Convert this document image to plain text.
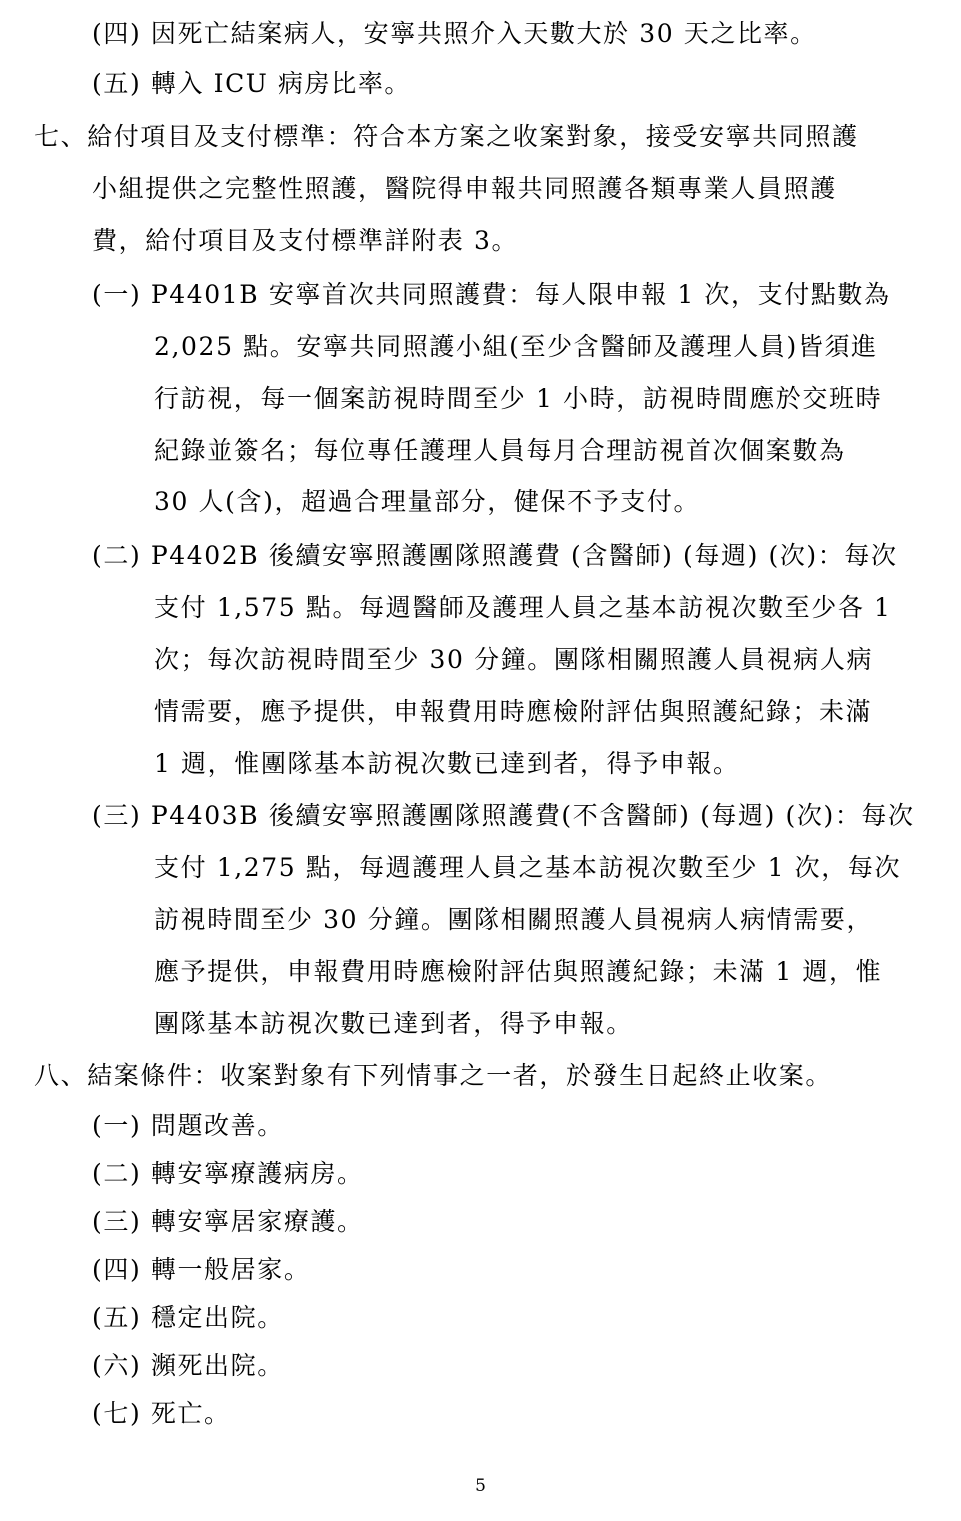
(四) 因死亡結案病人，安寧共照介入天數大於 30 天之比率。
(五) 轉入 ICU 病房比率。
七、給付項目及支付標準：符合本方案之收案對象，接受安寧共同照護
小組提供之完整性照護，醫院得申報共同照護各類專業人員照護
費，給付項目及支付標準詳附表 3。
(一) P4401B 安寧首次共同照護費：每人限申報 1 次，支付點數為
2,025 點。安寧共同照護小組(至少含醫師及護理人員)皆須進
行訪視，每一個案訪視時間至少 1 小時，訪視時間應於交班時
紀錄並簽名；每位專任護理人員每月合理訪視首次個案數為
30 人(含)，超過合理量部分，健保不予支付。
(二) P4402B 後續安寧照護團隊照護費 (含醫師) (每週) (次)：每次
支付 1,575 點。每週醫師及護理人員之基本訪視次數至少各 1
次；每次訪視時間至少 30 分鐘。團隊相關照護人員視病人病
情需要，應予提供，申報費用時應檢附評估與照護紀錄；未滿
1 週，惟團隊基本訪視次數已達到者，得予申報。
(三) P4403B 後續安寧照護團隊照護費(不含醫師) (每週) (次)：每次
支付 1,275 點，每週護理人員之基本訪視次數至少 1 次，每次
訪視時間至少 30 分鐘。團隊相關照護人員視病人病情需要，
應予提供，申報費用時應檢附評估與照護紀錄；未滿 1 週，惟
團隊基本訪視次數已達到者，得予申報。
八、結案條件：收案對象有下列情事之一者，於發生日起終止收案。
(一) 問題改善。
(二) 轉安寧療護病房。
(三) 轉安寧居家療護。
(四) 轉一般居家。
(五) 穩定出院。
(六) 瀕死出院。
(七) 死亡。
5
